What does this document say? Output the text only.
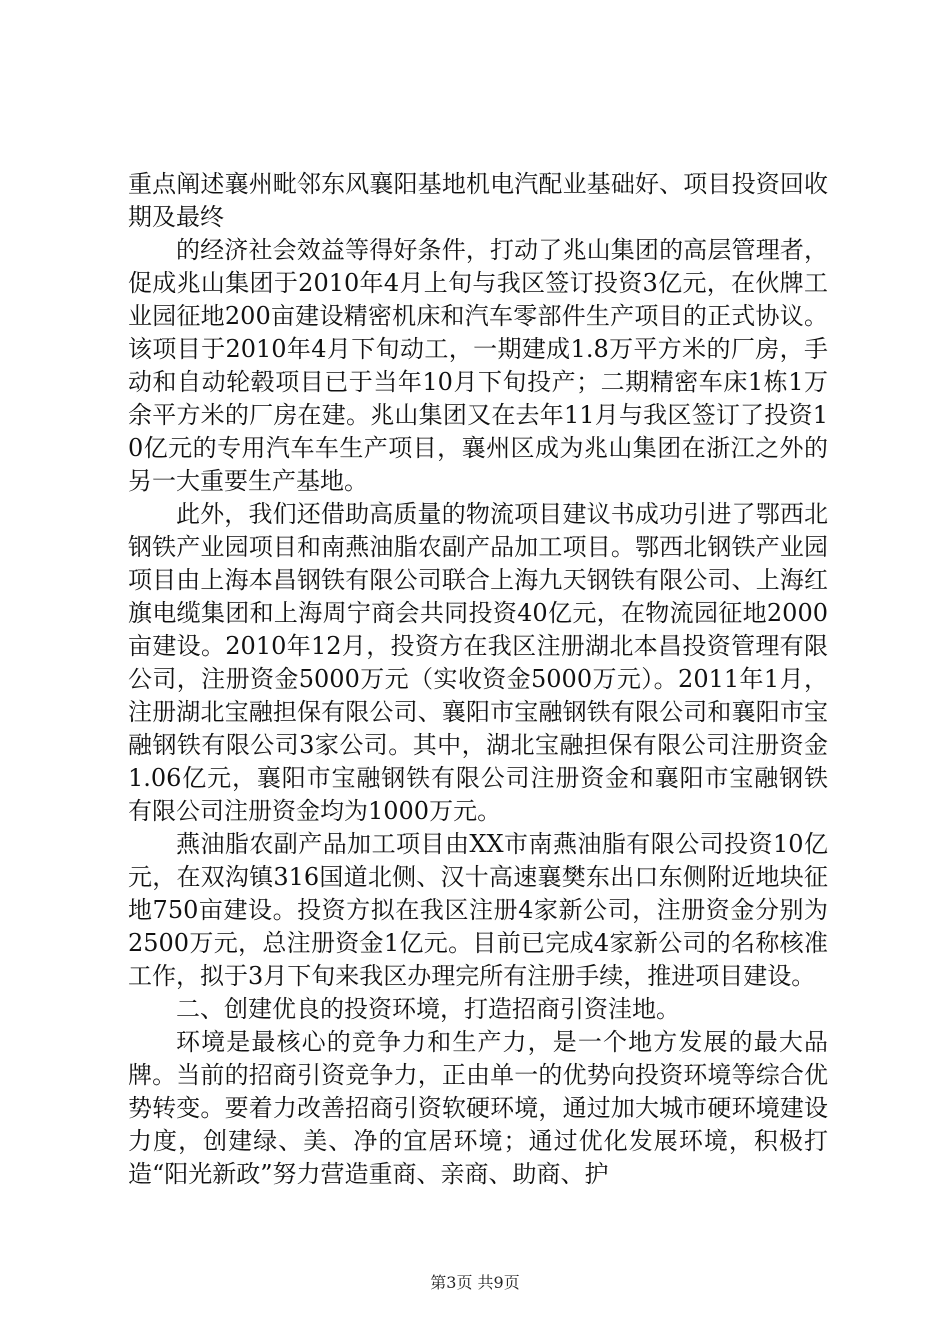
重点阐述襄州毗邻东风襄阳基地机电汽配业基础好、项目投资回收期及最终

的经济社会效益等得好条件，打动了兆山集团的高层管理者，促成兆山集团于2010年4月上旬与我区签订投资3亿元，在伙牌工业园征地200亩建设精密机床和汽车零部件生产项目的正式协议。该项目于2010年4月下旬动工，一期建成1.8万平方米的厂房，手动和自动轮毂项目已于当年10月下旬投产；二期精密车床1栋1万余平方米的厂房在建。兆山集团又在去年11月与我区签订了投资10亿元的专用汽车车生产项目，襄州区成为兆山集团在浙江之外的另一大重要生产基地。

此外，我们还借助高质量的物流项目建议书成功引进了鄂西北钢铁产业园项目和南燕油脂农副产品加工项目。鄂西北钢铁产业园项目由上海本昌钢铁有限公司联合上海九天钢铁有限公司、上海红旗电缆集团和上海周宁商会共同投资40亿元，在物流园征地2000亩建设。2010年12月，投资方在我区注册湖北本昌投资管理有限公司，注册资金5000万元（实收资金5000万元）。2011年1月，注册湖北宝融担保有限公司、襄阳市宝融钢铁有限公司和襄阳市宝融钢铁有限公司3家公司。其中，湖北宝融担保有限公司注册资金1.06亿元，襄阳市宝融钢铁有限公司注册资金和襄阳市宝融钢铁有限公司注册资金均为1000万元。

燕油脂农副产品加工项目由XX市南燕油脂有限公司投资10亿元，在双沟镇316国道北侧、汉十高速襄樊东出口东侧附近地块征地750亩建设。投资方拟在我区注册4家新公司，注册资金分别为2500万元，总注册资金1亿元。目前已完成4家新公司的名称核准工作，拟于3月下旬来我区办理完所有注册手续，推进项目建设。

二、创建优良的投资环境，打造招商引资洼地。

环境是最核心的竞争力和生产力，是一个地方发展的最大品牌。当前的招商引资竞争力，正由单一的优势向投资环境等综合优势转变。要着力改善招商引资软硬环境，通过加大城市硬环境建设力度，创建绿、美、净的宜居环境；通过优化发展环境，积极打造“阳光新政”努力营造重商、亲商、助商、护

第3页 共9页
